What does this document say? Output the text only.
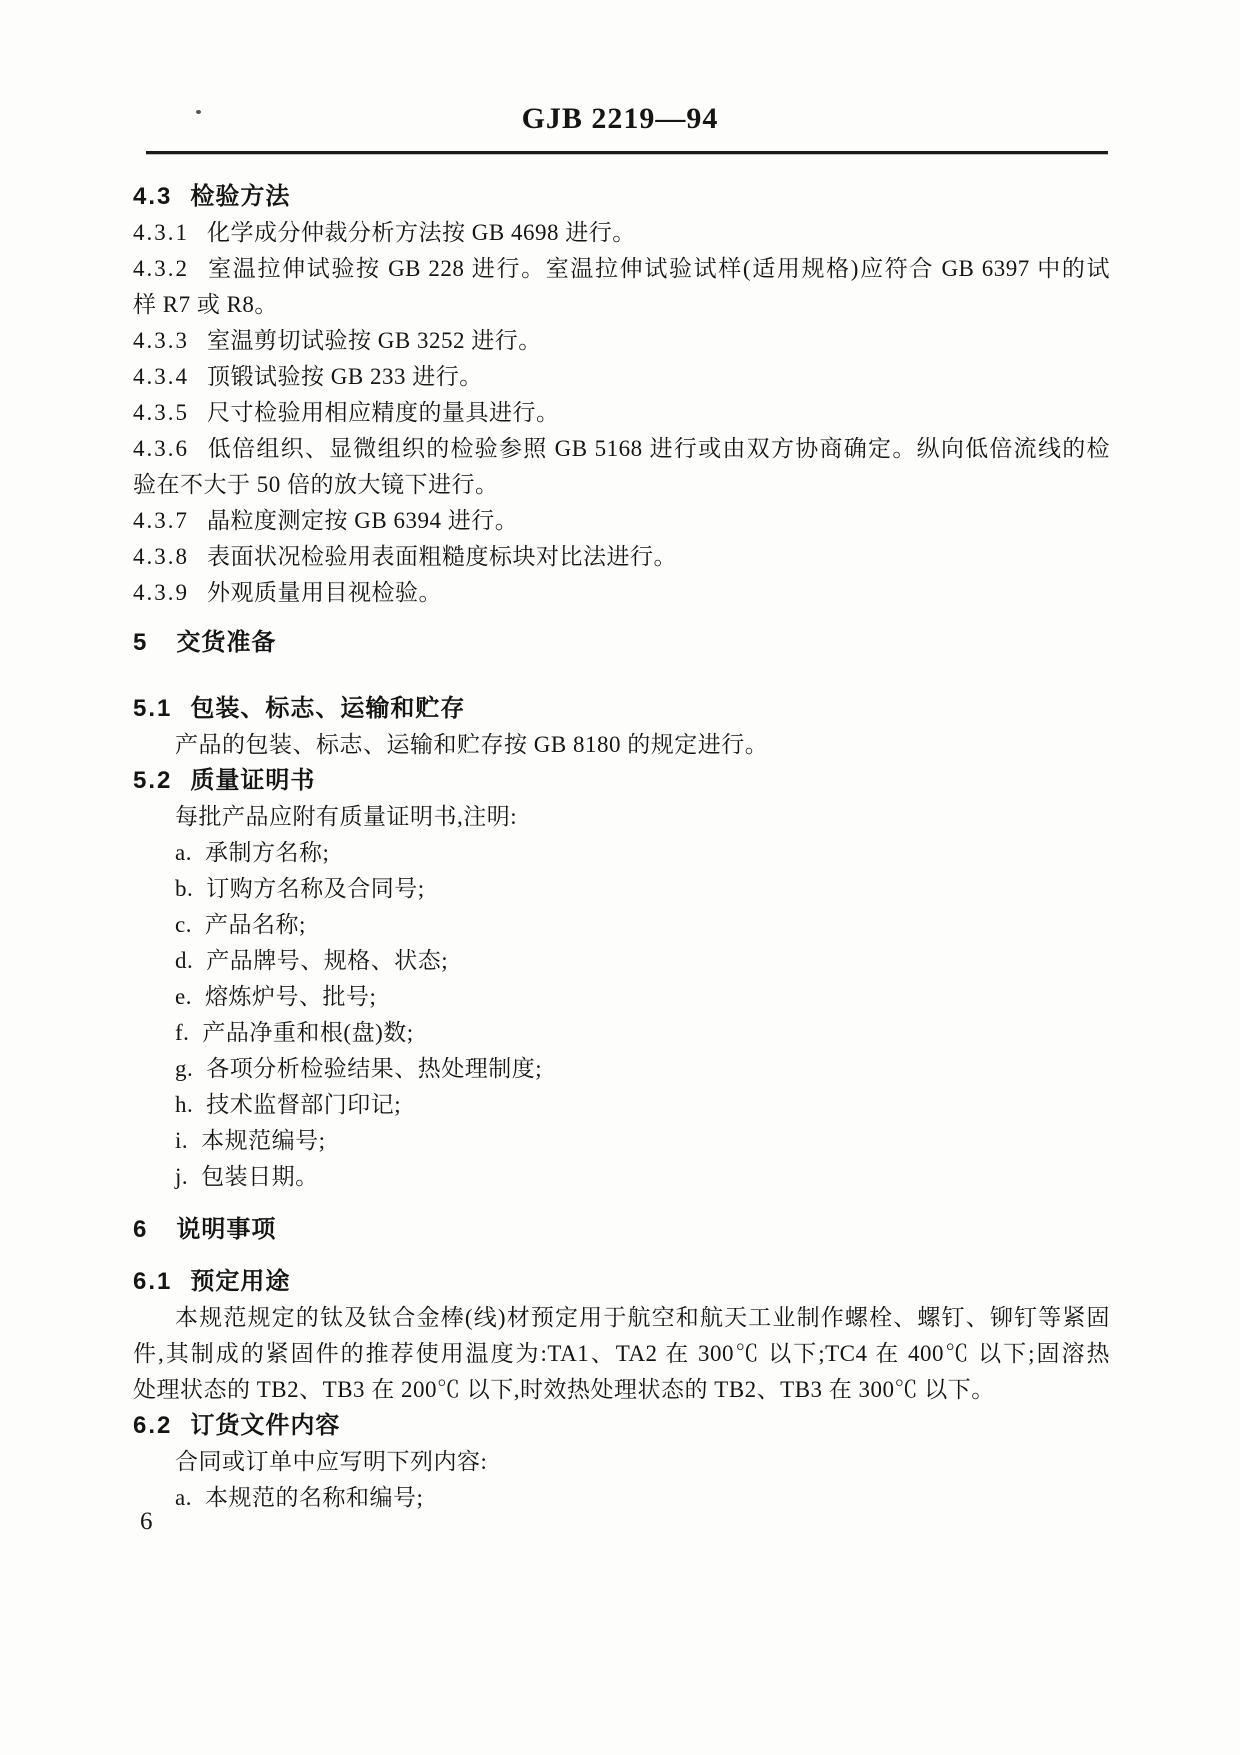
GJB 2219—94

4.3 检验方法

4.3.1 化学成分仲裁分析方法按 GB 4698 进行。

4.3.2 室温拉伸试验按 GB 228 进行。室温拉伸试验试样(适用规格)应符合 GB 6397 中的试

样 R7 或 R8。

4.3.3 室温剪切试验按 GB 3252 进行。

4.3.4 顶锻试验按 GB 233 进行。

4.3.5 尺寸检验用相应精度的量具进行。

4.3.6 低倍组织、显微组织的检验参照 GB 5168 进行或由双方协商确定。纵向低倍流线的检

验在不大于 50 倍的放大镜下进行。

4.3.7 晶粒度测定按 GB 6394 进行。

4.3.8 表面状况检验用表面粗糙度标块对比法进行。

4.3.9 外观质量用目视检验。

5 交货准备

5.1 包装、标志、运输和贮存

产品的包装、标志、运输和贮存按 GB 8180 的规定进行。

5.2 质量证明书

每批产品应附有质量证明书,注明:

a. 承制方名称;

b. 订购方名称及合同号;

c. 产品名称;

d. 产品牌号、规格、状态;

e. 熔炼炉号、批号;

f. 产品净重和根(盘)数;

g. 各项分析检验结果、热处理制度;

h. 技术监督部门印记;

i. 本规范编号;

j. 包装日期。

6 说明事项

6.1 预定用途

本规范规定的钛及钛合金棒(线)材预定用于航空和航天工业制作螺栓、螺钉、铆钉等紧固

件,其制成的紧固件的推荐使用温度为:TA1、TA2 在 300℃ 以下;TC4 在 400℃ 以下;固溶热

处理状态的 TB2、TB3 在 200℃ 以下,时效热处理状态的 TB2、TB3 在 300℃ 以下。

6.2 订货文件内容

合同或订单中应写明下列内容:

a. 本规范的名称和编号;

6
